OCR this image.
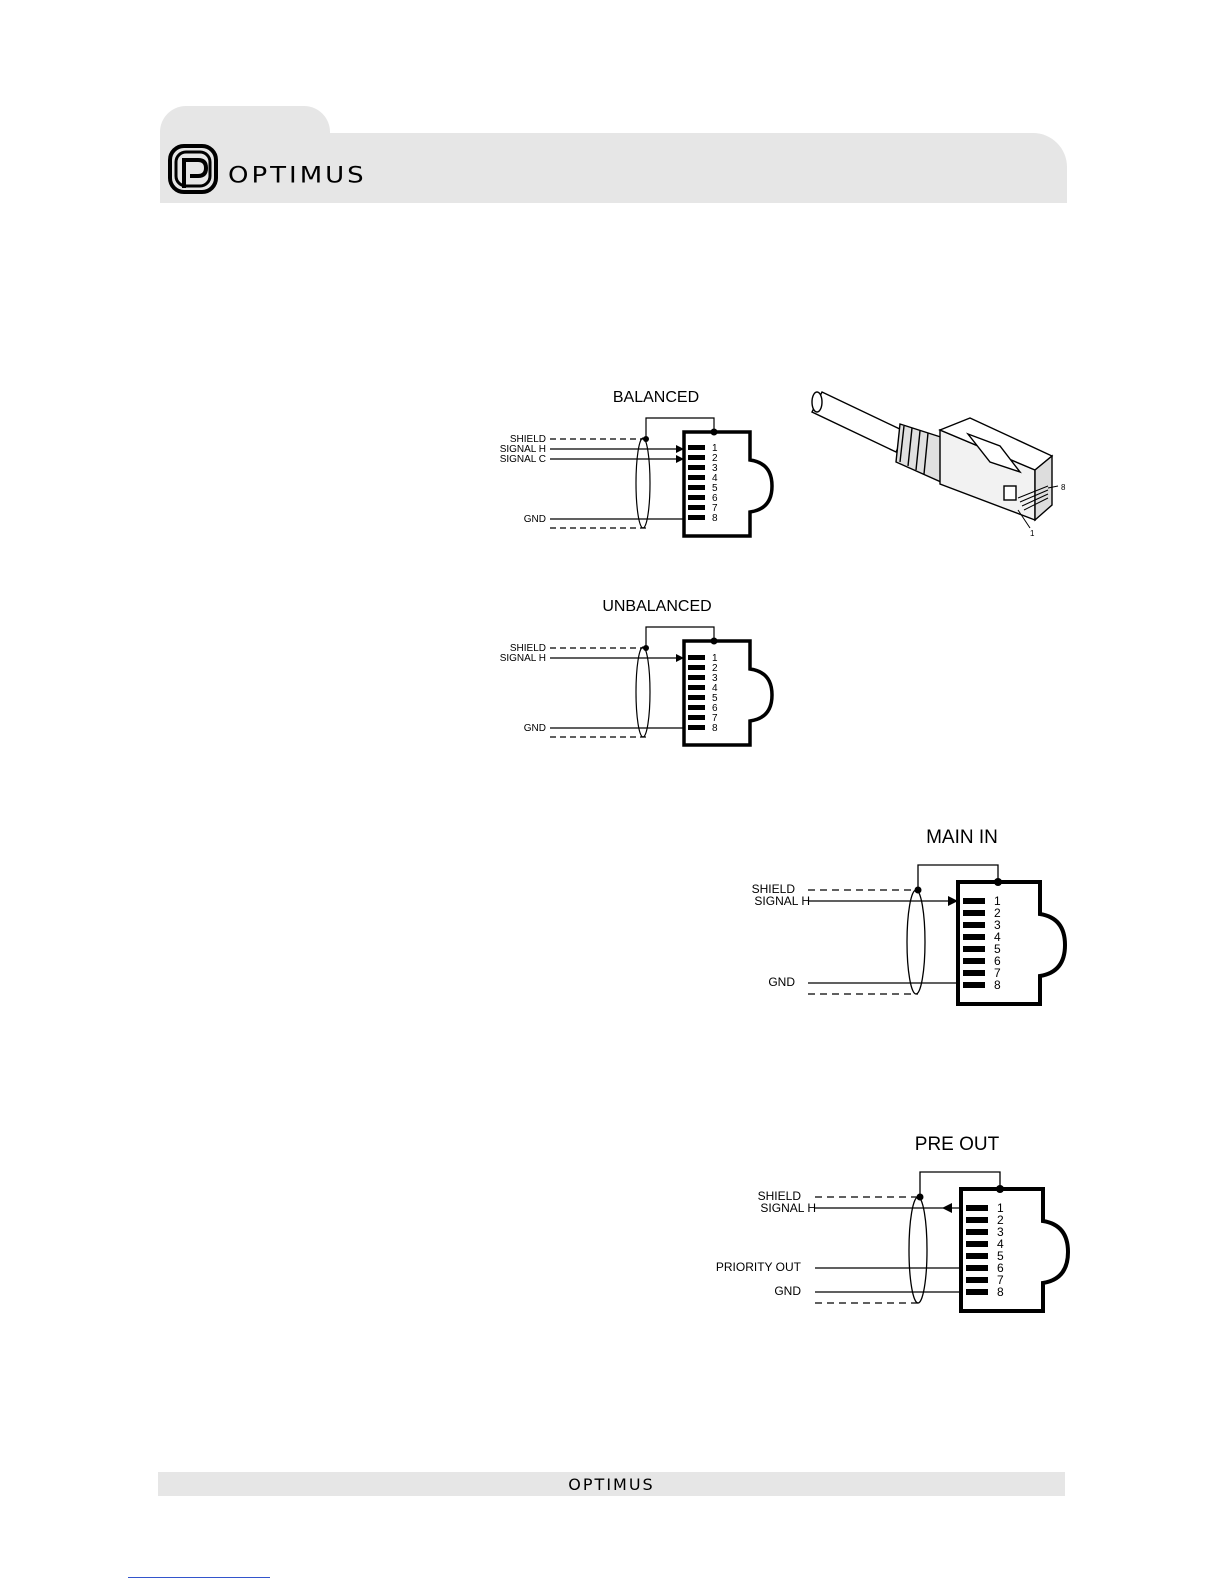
OPTIMUS
BALANCED
SHIELD
SIGNAL H
SIGNAL C
GND
1
2
3
4
5
6
7
8
8
1
UNBALANCED
SHIELD
SIGNAL H
GND
1
2
3
4
5
6
7
8
MAIN IN
SHIELD
SIGNAL H
GND
1
2
3
4
5
6
7
8
PRE OUT
SHIELD
SIGNAL H
PRIORITY OUT
GND
1
2
3
4
5
6
7
8
OPTIMUS
